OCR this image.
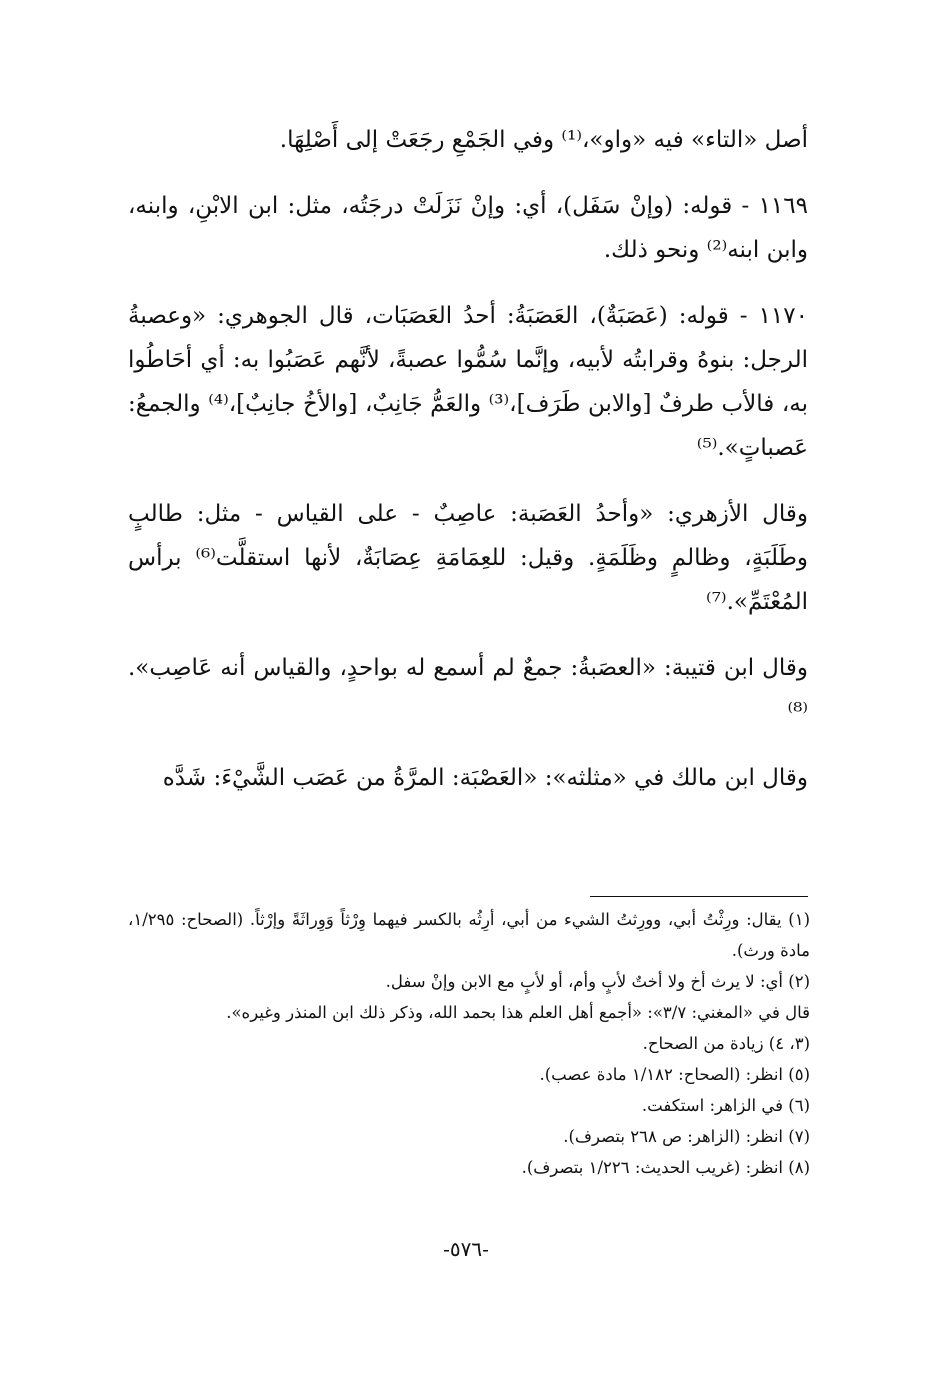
أصل «التاء» فيه «واو»،⁽¹⁾ وفي الجَمْعِ رجَعَتْ إلى أَصْلِهَا.

١١٦٩ - قوله: (وإنْ سَفَل)، أي: وإنْ نَزَلَتْ درجَتُه، مثل: ابن الابْنِ، وابنه، وابن ابنه⁽²⁾ ونحو ذلك.

١١٧٠ - قوله: (عَصَبَةٌ)، العَصَبَةُ: أحدُ العَصَبَات، قال الجوهري: «وعصبةُ الرجل: بنوهُ وقرابتُه لأبيه، وإنَّما سُمُّوا عصبةً، لأنَّهم عَصَبُوا به: أي أحَاطُوا به، فالأب طرفٌ [والابن طَرَف]،⁽³⁾ والعَمُّ جَانِبٌ، [والأخُ جانِبٌ]،⁽⁴⁾ والجمعُ: عَصباتٍ».⁽⁵⁾

وقال الأزهري: «وأحدُ العَصَبة: عاصِبٌ - على القياس - مثل: طالبٍ وطَلَبَةٍ، وظالمٍ وظَلَمَةٍ. وقيل: للعِمَامَةِ عِصَابَةٌ، لأنها استقلَّت⁽⁶⁾ برأس المُعْتَمِّ».⁽⁷⁾

وقال ابن قتيبة: «العصَبةُ: جمعٌ لم أسمع له بواحدٍ، والقياس أنه عَاصِب».⁽⁸⁾

وقال ابن مالك في «مثلثه»: «العَصْبَة: المرَّةُ من عَصَب الشَّيْءَ: شَدَّه

(١) يقال: ورِثْتُ أبي، وورِثتُ الشيء من أبي، أرِثُه بالكسر فيهما وِرْثاً وَوِراثَةً وإرْثاً. (الصحاح: ١/٢٩٥، مادة ورث).

(٢) أي: لا يرث أخ ولا أختٌ لأبٍ وأم، أو لأبٍ مع الابن وإنْ سفل.

قال في «المغني: ٣/٧»: «أجمع أهل العلم هذا بحمد الله، وذكر ذلك ابن المنذر وغيره».

(٣، ٤) زيادة من الصحاح.

(٥) انظر: (الصحاح: ١/١٨٢ مادة عصب).

(٦) في الزاهر: استكفت.

(٧) انظر: (الزاهر: ص ٢٦٨ بتصرف).

(٨) انظر: (غريب الحديث: ١/٢٢٦ بتصرف).

-٥٧٦-
